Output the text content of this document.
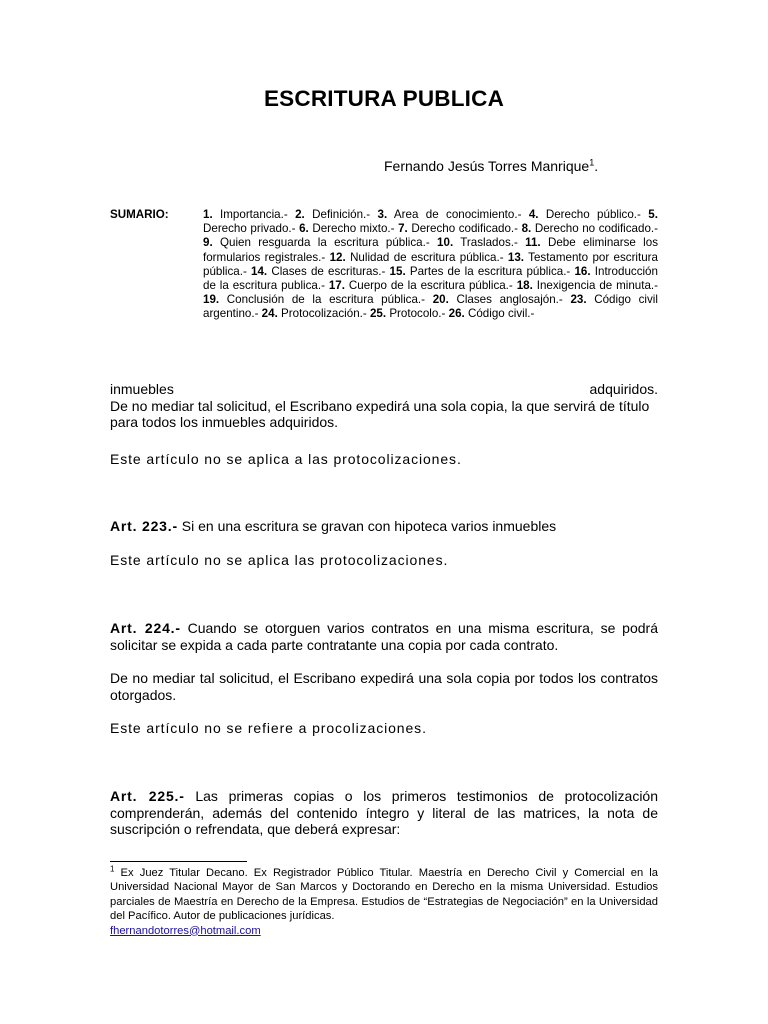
ESCRITURA PUBLICA
Fernando Jesús Torres Manrique$^1$.
SUMARIO:	1. Importancia.- 2. Definición.- 3. Area de conocimiento.- 4. Derecho público.- 5. Derecho privado.- 6. Derecho mixto.- 7. Derecho codificado.- 8. Derecho no codificado.- 9. Quien resguarda la escritura pública.- 10. Traslados.- 11. Debe eliminarse los formularios registrales.- 12. Nulidad de escritura pública.- 13. Testamento por escritura pública.- 14. Clases de escrituras.- 15. Partes de la escritura pública.- 16. Introducción de la escritura publica.- 17. Cuerpo de la escritura pública.- 18. Inexigencia de minuta.- 19. Conclusión de la escritura pública.- 20. Clases anglosajón.- 23. Código civil argentino.- 24. Protocolización.- 25. Protocolo.- 26. Código civil.-
inmuebles	adquiridos.

De no mediar tal solicitud, el Escribano expedirá una sola copia, la que servirá de título para todos los inmuebles adquiridos.

Este artículo no se aplica a las protocolizaciones.

Art. 223.- Si en una escritura se gravan con hipoteca varios inmuebles

Este artículo no se aplica las protocolizaciones.

Art. 224.- Cuando se otorguen varios contratos en una misma escritura, se podrá solicitar se expida a cada parte contratante una copia por cada contrato.

De no mediar tal solicitud, el Escribano expedirá una sola copia por todos los contratos otorgados.

Este artículo no se refiere a procolizaciones.

Art. 225.- Las primeras copias o los primeros testimonios de protocolización comprenderán, además del contenido íntegro y literal de las matrices, la nota de suscripción o refrendata, que deberá expresar:

$^1$ Ex Juez Titular Decano. Ex Registrador Público Titular. Maestría en Derecho Civil y Comercial en la Universidad Nacional Mayor de San Marcos y Doctorando en Derecho en la misma Universidad. Estudios parciales de Maestría en Derecho de la Empresa. Estudios de “Estrategias de Negociación” en la Universidad del Pacífico. Autor de publicaciones jurídicas.
fhernandotorres@hotmail.com
